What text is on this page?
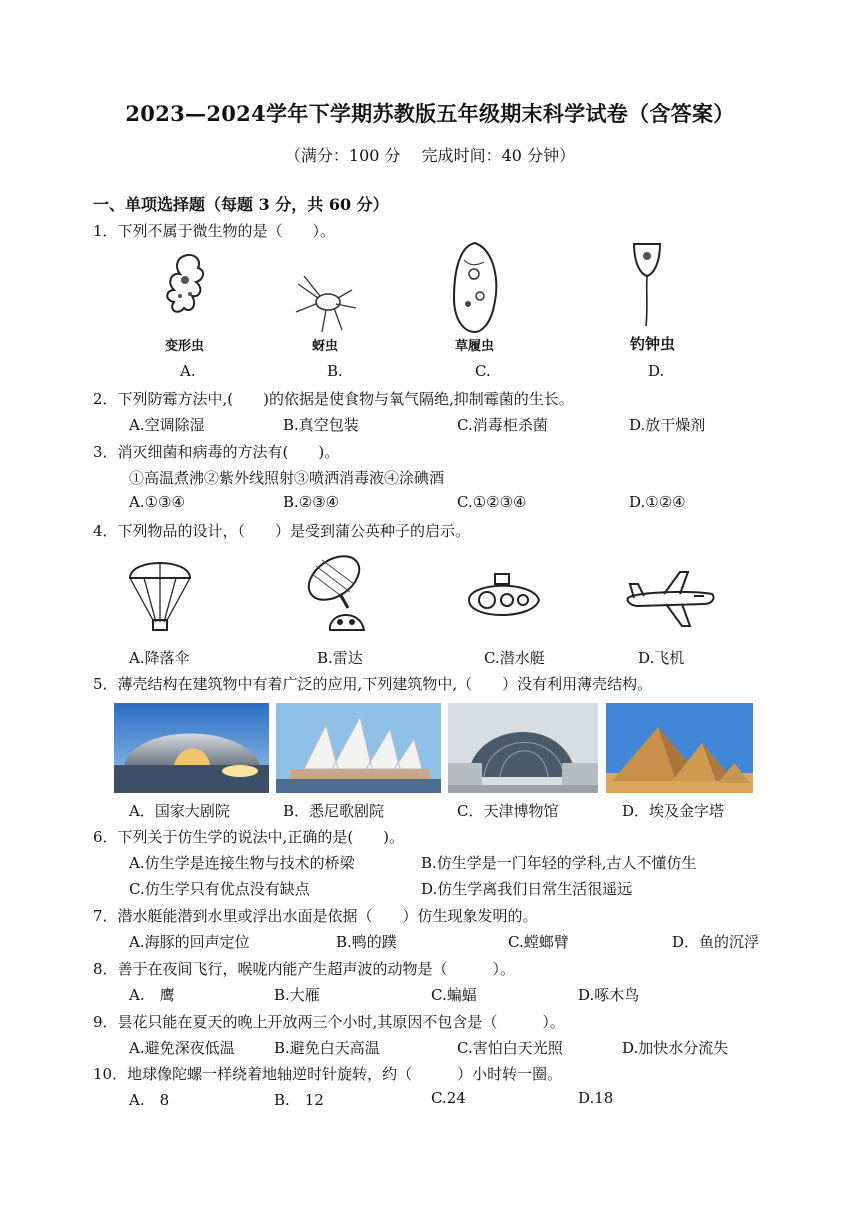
2023—2024学年下学期苏教版五年级期末科学试卷（含答案）
（满分：100 分　 完成时间：40 分钟）
一、单项选择题（每题 3 分，共 60 分）
1．下列不属于微生物的是（　　）。
变形虫	蚜虫	草履虫	钓钟虫
A.	B.	C.	D.
2．下列防霉方法中,(　　)的依据是使食物与氧气隔绝,抑制霉菌的生长。
A.空调除湿	B.真空包装	C.消毒柜杀菌	D.放干燥剂
3．消灭细菌和病毒的方法有(　　)。
①高温煮沸②紫外线照射③喷洒消毒液④涂碘酒
A.①③④	B.②③④	C.①②③④	D.①②④
4．下列物品的设计，（　　）是受到蒲公英种子的启示。
A.降落伞	B.雷达	C.潜水艇	D.飞机
5．薄壳结构在建筑物中有着广泛的应用,下列建筑物中,（　　）没有利用薄壳结构。
A．国家大剧院	B．悉尼歌剧院	C．天津博物馆	D．埃及金字塔
6．下列关于仿生学的说法中,正确的是(　　)。
A.仿生学是连接生物与技术的桥梁	B.仿生学是一门年轻的学科,古人不懂仿生
C.仿生学只有优点没有缺点	D.仿生学离我们日常生活很遥远
7．潜水艇能潜到水里或浮出水面是依据（　　）仿生现象发明的。
A.海豚的回声定位	B.鸭的蹼	C.螳螂臂	D．鱼的沉浮
8．善于在夜间飞行，喉咙内能产生超声波的动物是（　　　）。
A.　鹰	B.大雁	C.蝙蝠	D.啄木鸟
9．昙花只能在夏天的晚上开放两三个小时,其原因不包含是（　　　）。
A.避免深夜低温	B.避免白天高温	C.害怕白天光照	D.加快水分流失
10．地球像陀螺一样绕着地轴逆时针旋转，约（　　　）小时转一圈。
A.　8	B.　12	C.24	D.18
